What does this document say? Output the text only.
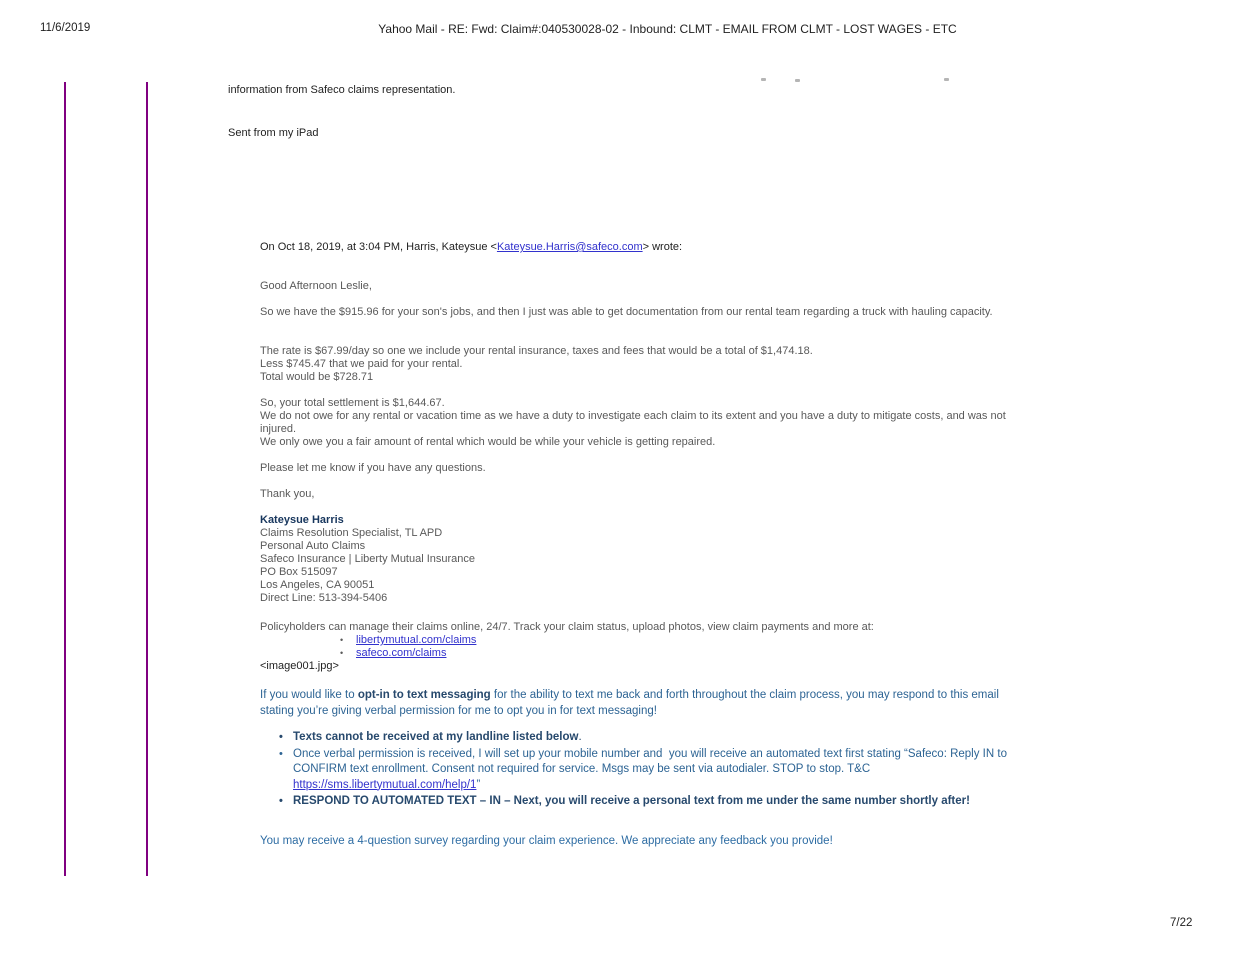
11/6/2019	Yahoo Mail - RE: Fwd: Claim#:040530028-02 - Inbound: CLMT - EMAIL FROM CLMT - LOST WAGES - ETC
information from Safeco claims representation.
Sent from my iPad
On Oct 18, 2019, at 3:04 PM, Harris, Kateysue <Kateysue.Harris@safeco.com> wrote:
Good Afternoon Leslie,
So we have the $915.96 for your son's jobs, and then I just was able to get documentation from our rental team regarding a truck with hauling capacity.
The rate is $67.99/day so one we include your rental insurance, taxes and fees that would be a total of $1,474.18.
Less $745.47 that we paid for your rental.
Total would be $728.71
So, your total settlement is $1,644.67.
We do not owe for any rental or vacation time as we have a duty to investigate each claim to its extent and you have a duty to mitigate costs, and was not injured.
We only owe you a fair amount of rental which would be while your vehicle is getting repaired.
Please let me know if you have any questions.
Thank you,
Kateysue Harris
Claims Resolution Specialist, TL APD
Personal Auto Claims
Safeco Insurance | Liberty Mutual Insurance
PO Box 515097
Los Angeles, CA 90051
Direct Line: 513-394-5406
Policyholders can manage their claims online, 24/7. Track your claim status, upload photos, view claim payments and more at:
• libertymutual.com/claims
• safeco.com/claims
<image001.jpg>
If you would like to opt-in to text messaging for the ability to text me back and forth throughout the claim process, you may respond to this email stating you’re giving verbal permission for me to opt you in for text messaging!
• Texts cannot be received at my landline listed below.
• Once verbal permission is received, I will set up your mobile number and  you will receive an automated text first stating “Safeco: Reply IN to CONFIRM text enrollment. Consent not required for service. Msgs may be sent via autodialer. STOP to stop. T&C https://sms.libertymutual.com/help/1”
• RESPOND TO AUTOMATED TEXT – IN – Next, you will receive a personal text from me under the same number shortly after!
You may receive a 4-question survey regarding your claim experience. We appreciate any feedback you provide!
7/22
